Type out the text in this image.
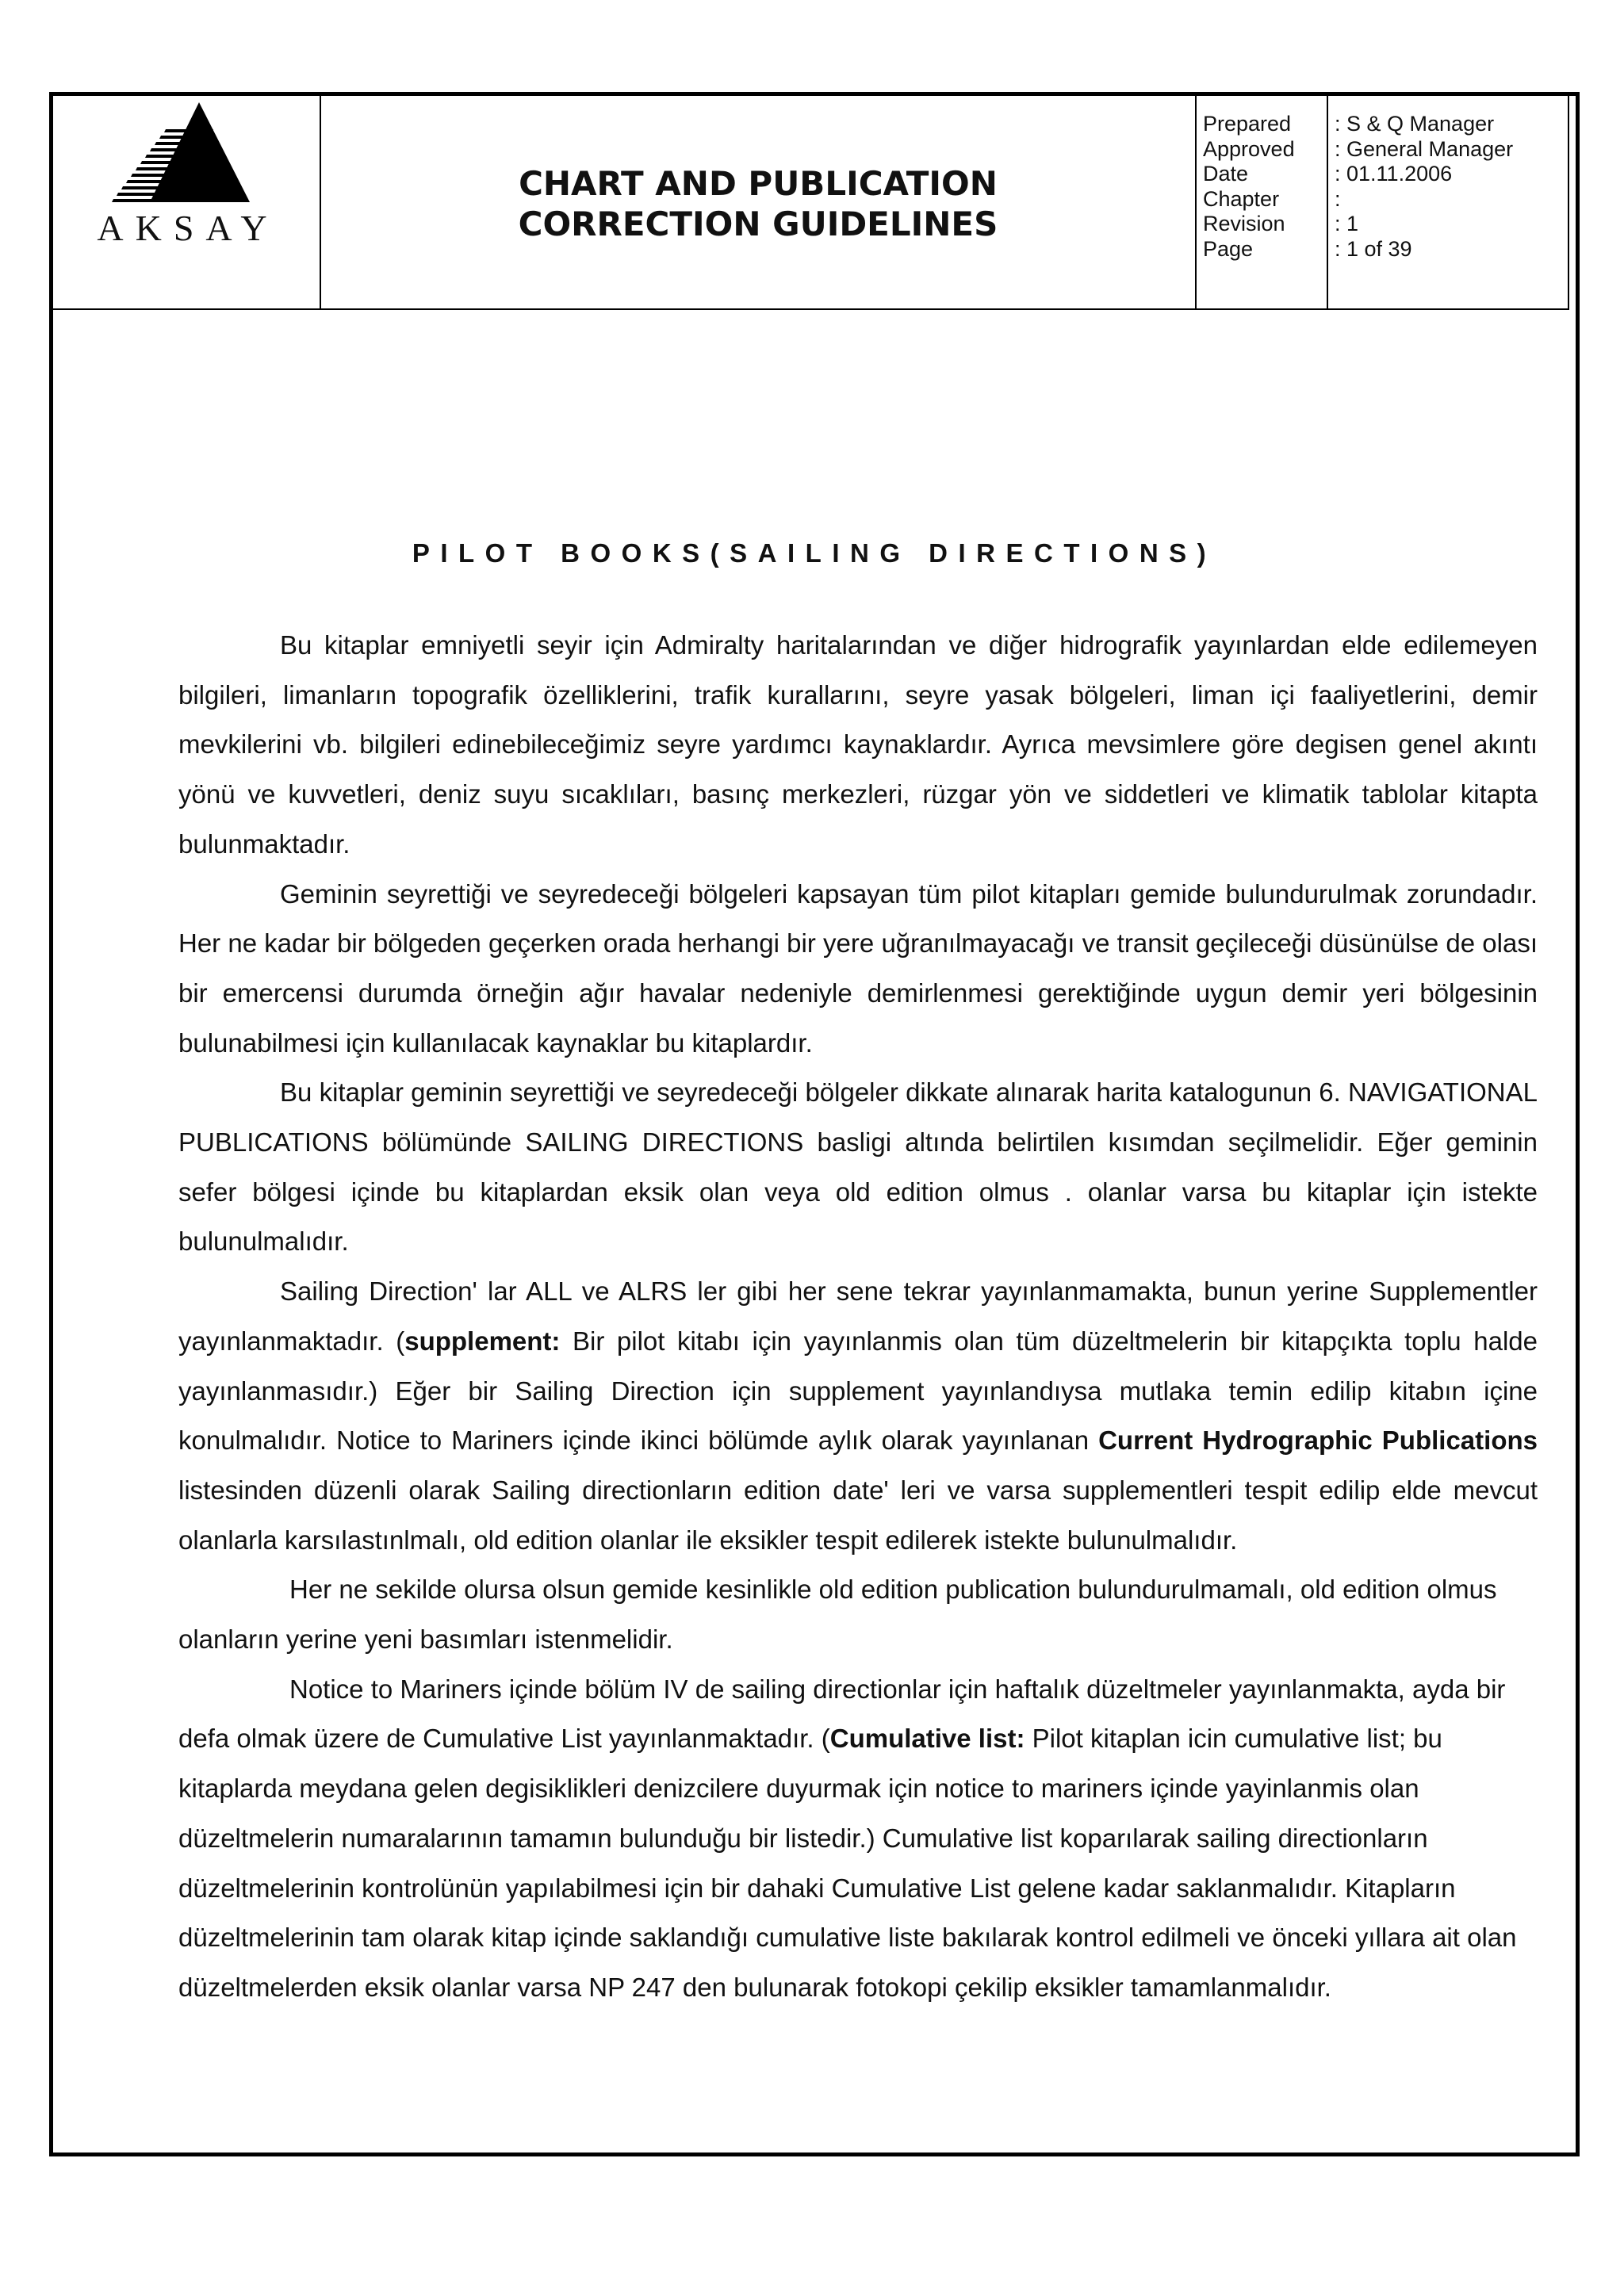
AKSAY
CHART AND PUBLICATION
CORRECTION GUIDELINES
Prepared
Approved
Date
Chapter
Revision
Page
: S & Q Manager
: General Manager
: 01.11.2006
:
: 1
: 1 of 39
PILOT BOOKS(SAILING DIRECTIONS)

Bu kitaplar emniyetli seyir için Admiralty haritalarından ve diğer hidrografik yayınlardan elde edilemeyen bilgileri, limanların topografik özelliklerini, trafik kurallarını, seyre yasak bölgeleri, liman içi faaliyetlerini, demir mevkilerini vb. bilgileri edinebileceğimiz seyre yardımcı kaynaklardır. Ayrıca mevsimlere göre degisen genel akıntı yönü ve kuvvetleri, deniz suyu sıcaklıları, basınç merkezleri, rüzgar yön ve siddetleri ve klimatik tablolar kitapta bulunmaktadır.

Geminin seyrettiği ve seyredeceği bölgeleri kapsayan tüm pilot kitapları gemide bulundurulmak zorundadır. Her ne kadar bir bölgeden geçerken orada herhangi bir yere uğranılmayacağı ve transit geçileceği düsünülse de olası bir emercensi durumda örneğin ağır havalar nedeniyle demirlenmesi gerektiğinde uygun demir yeri bölgesinin bulunabilmesi için kullanılacak kaynaklar bu kitaplardır.

Bu kitaplar geminin seyrettiği ve seyredeceği bölgeler dikkate alınarak harita katalogunun 6. NAVIGATIONAL PUBLICATIONS bölümünde SAILING DIRECTIONS basligi altında belirtilen kısımdan seçilmelidir. Eğer geminin sefer bölgesi içinde bu kitaplardan eksik olan veya old edition olmus . olanlar varsa bu kitaplar için istekte bulunulmalıdır.

Sailing Direction' lar ALL ve ALRS ler gibi her sene tekrar yayınlanmamakta, bunun yerine Supplementler yayınlanmaktadır. (supplement: Bir pilot kitabı için yayınlanmis olan tüm düzeltmelerin bir kitapçıkta toplu halde yayınlanmasıdır.) Eğer bir Sailing Direction için supplement yayınlandıysa mutlaka temin edilip kitabın içine konulmalıdır. Notice to Mariners içinde ikinci bölümde aylık olarak yayınlanan Current Hydrographic Publications listesinden düzenli olarak Sailing directionların edition date' leri ve varsa supplementleri tespit edilip elde mevcut olanlarla karsılastınlmalı, old edition olanlar ile eksikler tespit edilerek istekte bulunulmalıdır.

Her ne sekilde olursa olsun gemide kesinlikle old edition publication bulundurulmamalı, old edition olmus olanların yerine yeni basımları istenmelidir.

Notice to Mariners içinde bölüm IV de sailing directionlar için haftalık düzeltmeler yayınlanmakta, ayda bir defa olmak üzere de Cumulative List yayınlanmaktadır. (Cumulative list: Pilot kitaplan icin cumulative list; bu kitaplarda meydana gelen degisiklikleri denizcilere duyurmak için notice to mariners içinde yayinlanmis olan düzeltmelerin numaralarının tamamın bulunduğu bir listedir.) Cumulative list koparılarak sailing directionların düzeltmelerinin kontrolünün yapılabilmesi için bir dahaki Cumulative List gelene kadar saklanmalıdır. Kitapların düzeltmelerinin tam olarak kitap içinde saklandığı cumulative liste bakılarak kontrol edilmeli ve önceki yıllara ait olan düzeltmelerden eksik olanlar varsa NP 247 den bulunarak fotokopi çekilip eksikler tamamlanmalıdır.
